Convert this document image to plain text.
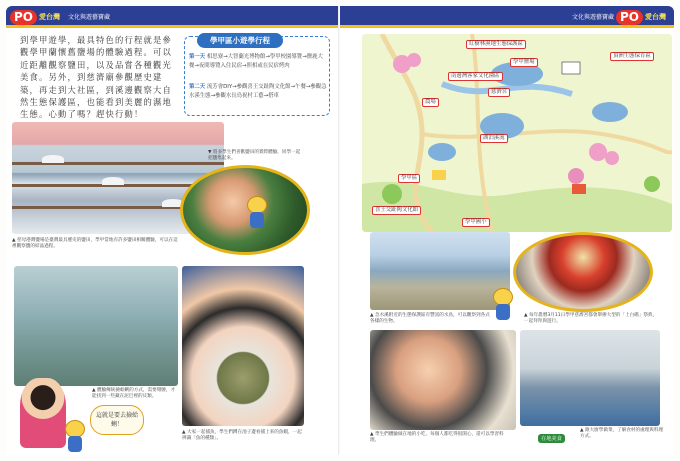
PO 愛台灣 文化與遊藝寶藏	文化與遊藝寶藏 PO 愛台灣
到學甲遊學，最具特色的行程就是參觀學甲蘭懷舊鹽場的體驗過程。可以近距離觀察鹽田，以及品嘗各種觀光美食。另外，到慈濟廟參觀歷史建築，再走到大社區，到溪邊觀察大自然生態保護區，也能看到美麗的濕地生態。心動了嗎？趕快行動！
學甲區小遊學行程
第一天 相思寮→大智蘭光博物館→學甲校園導覽→鹽鹿大餐→夜間導覽入住民宿→照相或在民宿烤肉
第二天 流芳會DIY→參觀喜王交趾陶文化館→午餐→參觀急水溪生態→參觀水長鳥祝村工藝→搭車
▲ 慈母港灣鹽場是臺灣最具歷史的鹽田，學甲當地有許多鹽田相關體驗，可以在這裡觀察鹽的結晶過程。
▼ 將多學生們喜歡鹽田的實際體驗，同學一起把鹽集起來。
▲ 體驗傳統撿蛤蜊的方式，需要彎腰，才能找到一些藏在泥巴裡的貝類。
▲ 大家一起捕魚，學生們蹲在池子邊看捕上來的魚蝦，一起辨識「魚的種類」。
這就是要去撿蛤蜊！
紅樹林濕地生態保護區
學甲鹽場
慈濟宮
南邊灣客家文化園區
學甲國小
學甲區
喜王交趾陶文化館
頂洲生態保育區
湖泊溪流
農場
▲ 急水溪附近的生態保護區有豐富的水鳥，可以觀察到各式各樣的生物。
▲ 每年農曆3月11日學甲慈濟宮都會舉辦大型的「上白礁」祭典，一起拜拜與遊行。
▲ 學生們體驗做在地的小吃，每個人都吃得很開心，還可以學習料理。	在地美食
▲ 跟大廚學做菜，了解食材的處理與料理方式。
